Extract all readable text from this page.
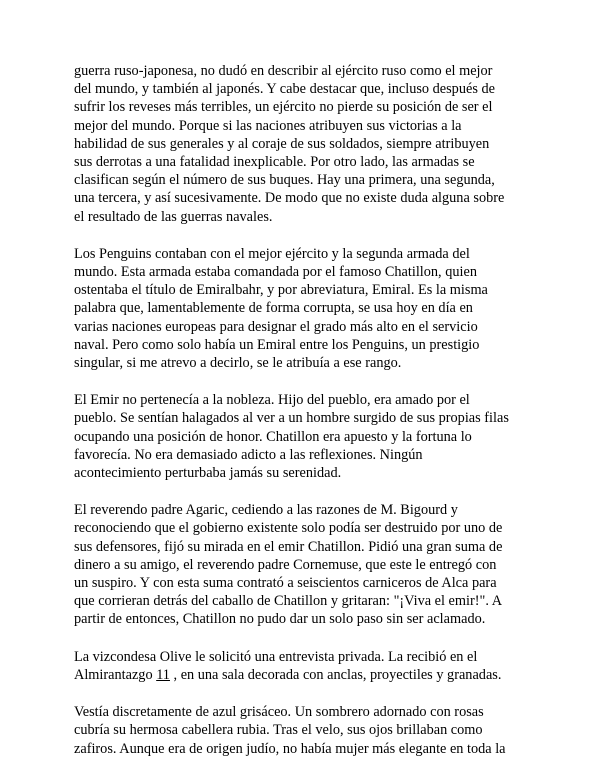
guerra ruso-japonesa, no dudó en describir al ejército ruso como el mejor
del mundo, y también al japonés. Y cabe destacar que, incluso después de
sufrir los reveses más terribles, un ejército no pierde su posición de ser el
mejor del mundo. Porque si las naciones atribuyen sus victorias a la
habilidad de sus generales y al coraje de sus soldados, siempre atribuyen
sus derrotas a una fatalidad inexplicable. Por otro lado, las armadas se
clasifican según el número de sus buques. Hay una primera, una segunda,
una tercera, y así sucesivamente. De modo que no existe duda alguna sobre
el resultado de las guerras navales.

Los Penguins contaban con el mejor ejército y la segunda armada del
mundo. Esta armada estaba comandada por el famoso Chatillon, quien
ostentaba el título de Emiralbahr, y por abreviatura, Emiral. Es la misma
palabra que, lamentablemente de forma corrupta, se usa hoy en día en
varias naciones europeas para designar el grado más alto en el servicio
naval. Pero como solo había un Emiral entre los Penguins, un prestigio
singular, si me atrevo a decirlo, se le atribuía a ese rango.

El Emir no pertenecía a la nobleza. Hijo del pueblo, era amado por el
pueblo. Se sentían halagados al ver a un hombre surgido de sus propias filas
ocupando una posición de honor. Chatillon era apuesto y la fortuna lo
favorecía. No era demasiado adicto a las reflexiones. Ningún
acontecimiento perturbaba jamás su serenidad.

El reverendo padre Agaric, cediendo a las razones de M. Bigourd y
reconociendo que el gobierno existente solo podía ser destruido por uno de
sus defensores, fijó su mirada en el emir Chatillon. Pidió una gran suma de
dinero a su amigo, el reverendo padre Cornemuse, que este le entregó con
un suspiro. Y con esta suma contrató a seiscientos carniceros de Alca para
que corrieran detrás del caballo de Chatillon y gritaran: "¡Viva el emir!". A
partir de entonces, Chatillon no pudo dar un solo paso sin ser aclamado.

La vizcondesa Olive le solicitó una entrevista privada. La recibió en el
Almirantazgo 11 , en una sala decorada con anclas, proyectiles y granadas.

Vestía discretamente de azul grisáceo. Un sombrero adornado con rosas
cubría su hermosa cabellera rubia. Tras el velo, sus ojos brillaban como
zafiros. Aunque era de origen judío, no había mujer más elegante en toda la
